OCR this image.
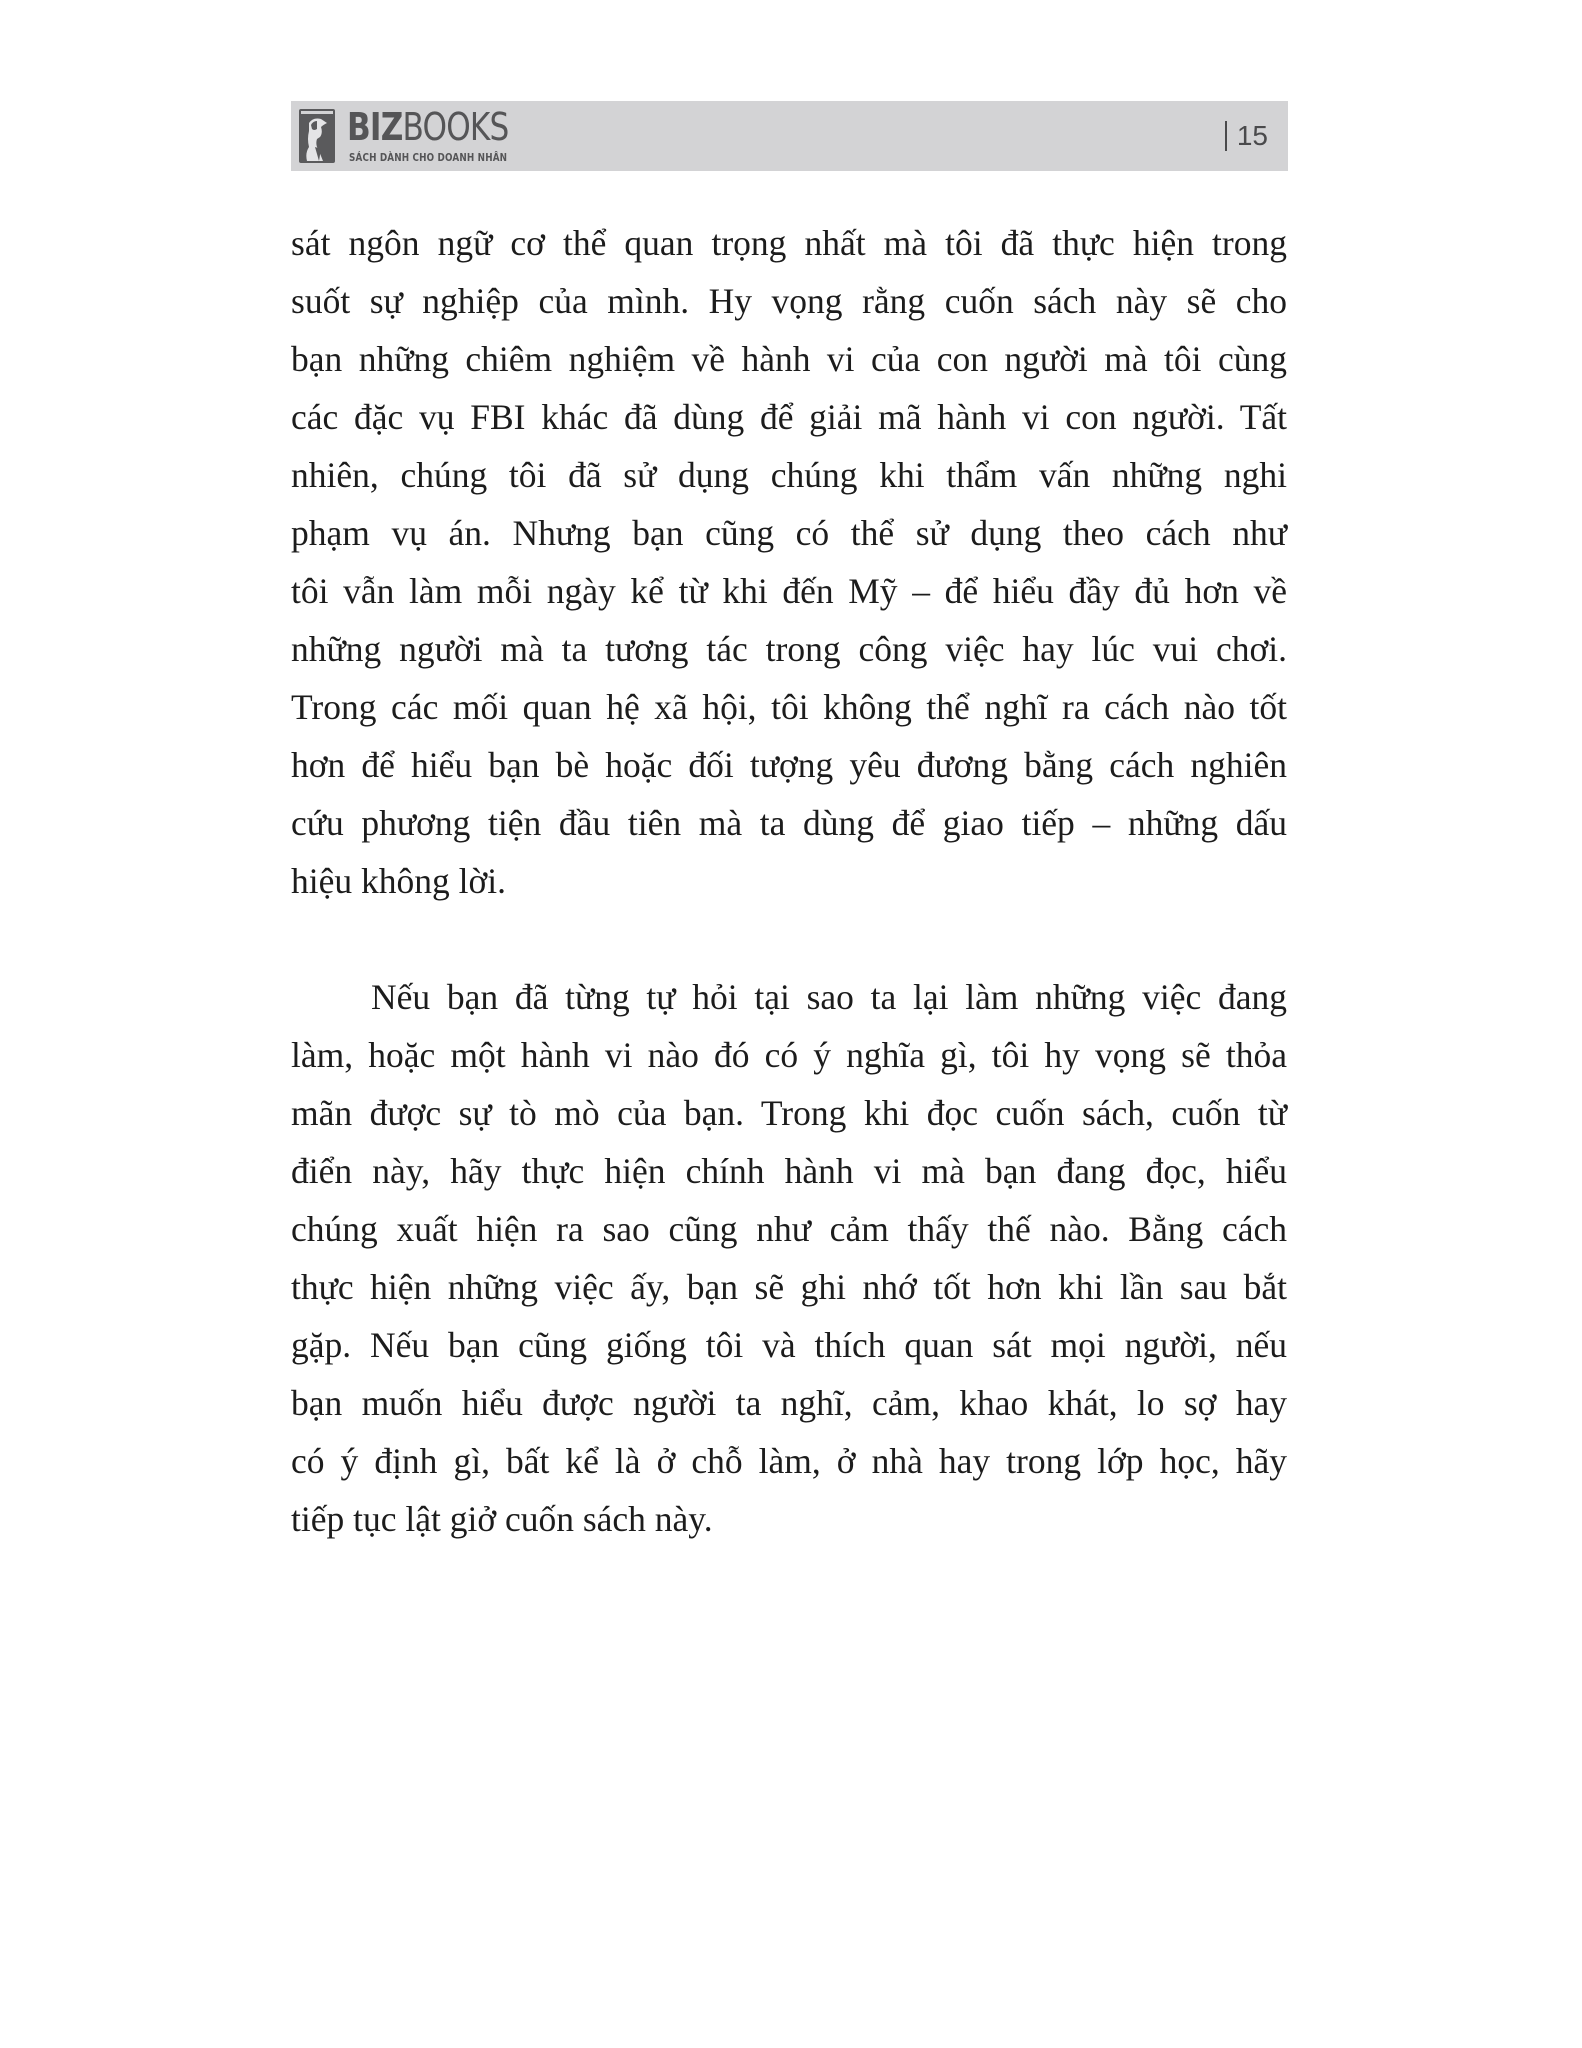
BIZBOOKS
SÁCH DÀNH CHO DOANH NHÂN
15

sát ngôn ngữ cơ thể quan trọng nhất mà tôi đã thực hiện trong
suốt sự nghiệp của mình. Hy vọng rằng cuốn sách này sẽ cho
bạn những chiêm nghiệm về hành vi của con người mà tôi cùng
các đặc vụ FBI khác đã dùng để giải mã hành vi con người. Tất
nhiên, chúng tôi đã sử dụng chúng khi thẩm vấn những nghi
phạm vụ án. Nhưng bạn cũng có thể sử dụng theo cách như
tôi vẫn làm mỗi ngày kể từ khi đến Mỹ – để hiểu đầy đủ hơn về
những người mà ta tương tác trong công việc hay lúc vui chơi.
Trong các mối quan hệ xã hội, tôi không thể nghĩ ra cách nào tốt
hơn để hiểu bạn bè hoặc đối tượng yêu đương bằng cách nghiên
cứu phương tiện đầu tiên mà ta dùng để giao tiếp – những dấu
hiệu không lời.

Nếu bạn đã từng tự hỏi tại sao ta lại làm những việc đang
làm, hoặc một hành vi nào đó có ý nghĩa gì, tôi hy vọng sẽ thỏa
mãn được sự tò mò của bạn. Trong khi đọc cuốn sách, cuốn từ
điển này, hãy thực hiện chính hành vi mà bạn đang đọc, hiểu
chúng xuất hiện ra sao cũng như cảm thấy thế nào. Bằng cách
thực hiện những việc ấy, bạn sẽ ghi nhớ tốt hơn khi lần sau bắt
gặp. Nếu bạn cũng giống tôi và thích quan sát mọi người, nếu
bạn muốn hiểu được người ta nghĩ, cảm, khao khát, lo sợ hay
có ý định gì, bất kể là ở chỗ làm, ở nhà hay trong lớp học, hãy
tiếp tục lật giở cuốn sách này.
